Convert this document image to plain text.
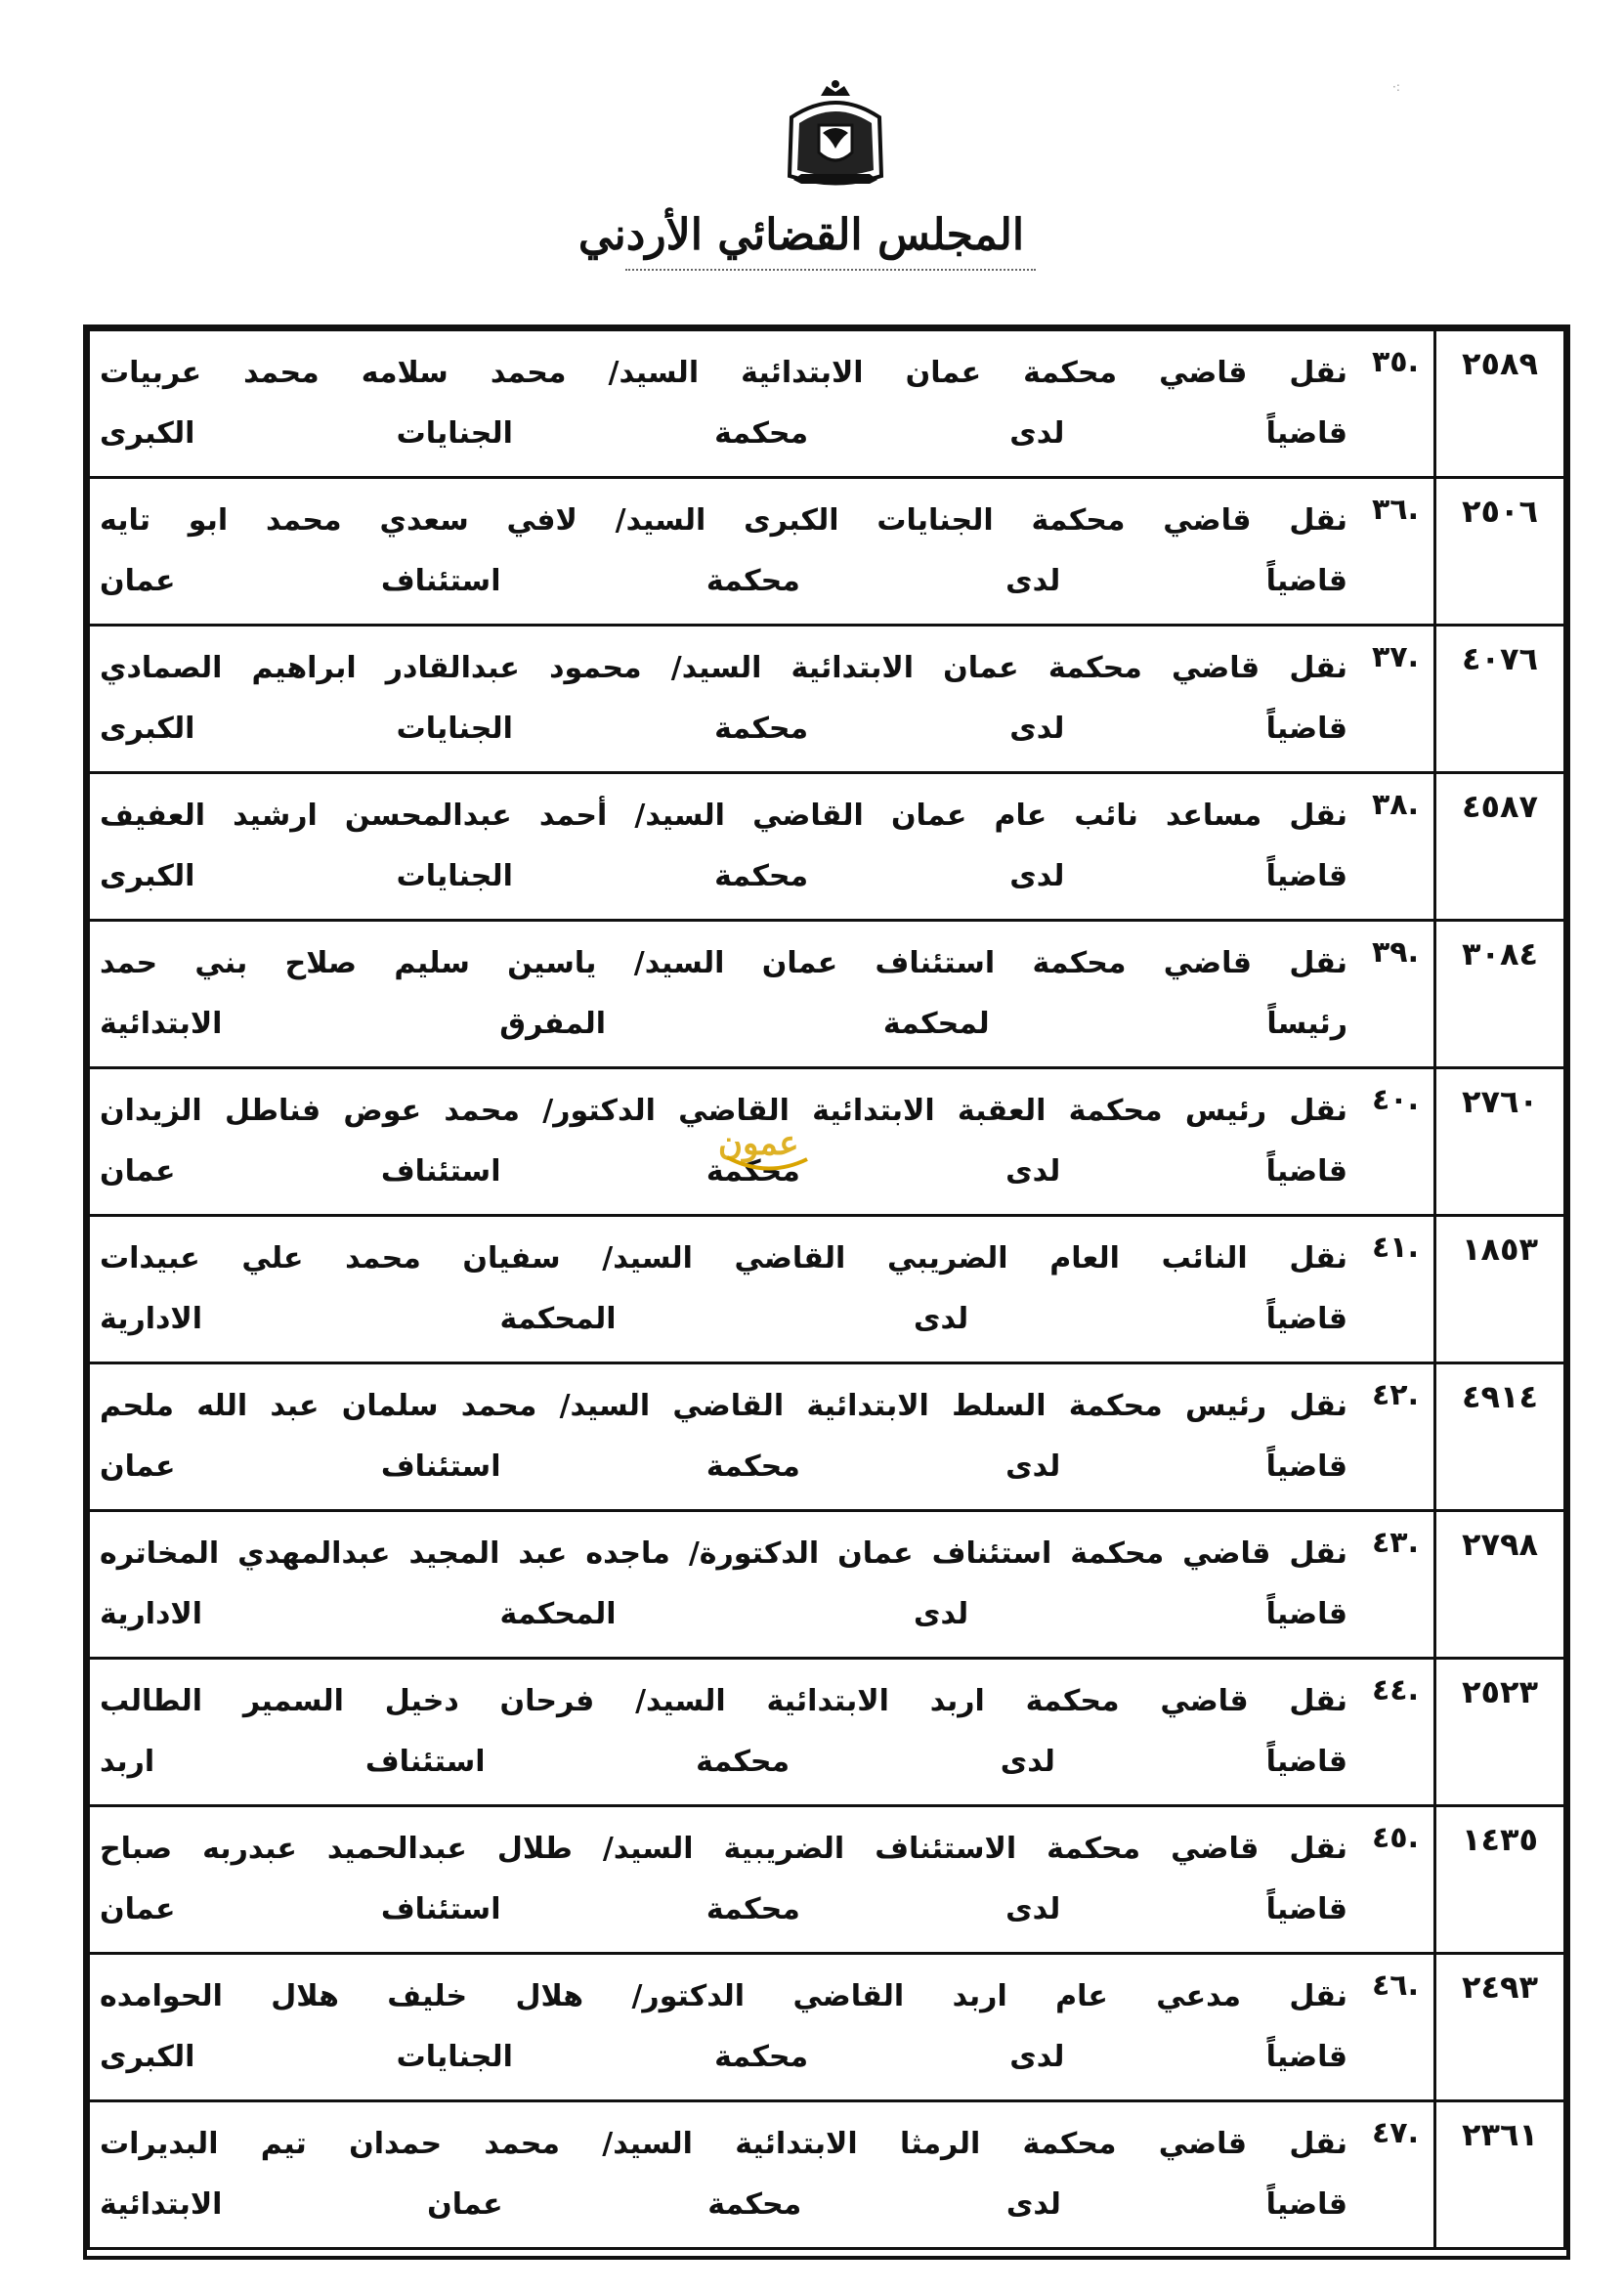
المجلس القضائي الأردني
·:
٢٥٨٩	.٣٥	نقل قاضي محكمة عمان الابتدائية السيد/ محمد سلامه محمد عربيات
قاضياً لدى محكمة الجنايات الكبرى

٢٥٠٦	.٣٦	نقل قاضي محكمة الجنايات الكبرى السيد/ لافي سعدي محمد ابو تايه
قاضياً لدى محكمة استئناف عمان

٤٠٧٦	.٣٧	نقل قاضي محكمة عمان الابتدائية السيد/ محمود عبدالقادر ابراهيم الصمادي
قاضياً لدى محكمة الجنايات الكبرى

٤٥٨٧	.٣٨	نقل مساعد نائب عام عمان القاضي السيد/ أحمد عبدالمحسن ارشيد العفيف
قاضياً لدى محكمة الجنايات الكبرى

٣٠٨٤	.٣٩	نقل قاضي محكمة استئناف عمان السيد/ ياسين سليم صلاح بني حمد
رئيساً لمحكمة المفرق الابتدائية

٢٧٦٠	.٤٠	نقل رئيس محكمة العقبة الابتدائية القاضي الدكتور/ محمد عوض فناطل الزيدان
قاضياً لدى محكمة استئناف عمان

١٨٥٣	.٤١	نقل النائب العام الضريبي القاضي السيد/ سفيان محمد علي عبيدات
قاضياً لدى المحكمة الادارية

٤٩١٤	.٤٢	نقل رئيس محكمة السلط الابتدائية القاضي السيد/ محمد سلمان عبد الله ملحم
قاضياً لدى محكمة استئناف عمان

٢٧٩٨	.٤٣	نقل قاضي محكمة استئناف عمان الدكتورة/ ماجده عبد المجيد عبدالمهدي المخاتره
قاضياً لدى المحكمة الادارية

٢٥٢٣	.٤٤	نقل قاضي محكمة اربد الابتدائية السيد/ فرحان دخيل السمير الطالب
قاضياً لدى محكمة استئناف اربد

١٤٣٥	.٤٥	نقل قاضي محكمة الاستئناف الضريبية السيد/ طلال عبدالحميد عبدربه صباح
قاضياً لدى محكمة استئناف عمان

٢٤٩٣	.٤٦	نقل مدعي عام اربد القاضي الدكتور/ هلال خليف هلال الحوامده
قاضياً لدى محكمة الجنايات الكبرى

٢٣٦١	.٤٧	نقل قاضي محكمة الرمثا الابتدائية السيد/ محمد حمدان تيم البديرات
قاضياً لدى محكمة عمان الابتدائية
عمون
